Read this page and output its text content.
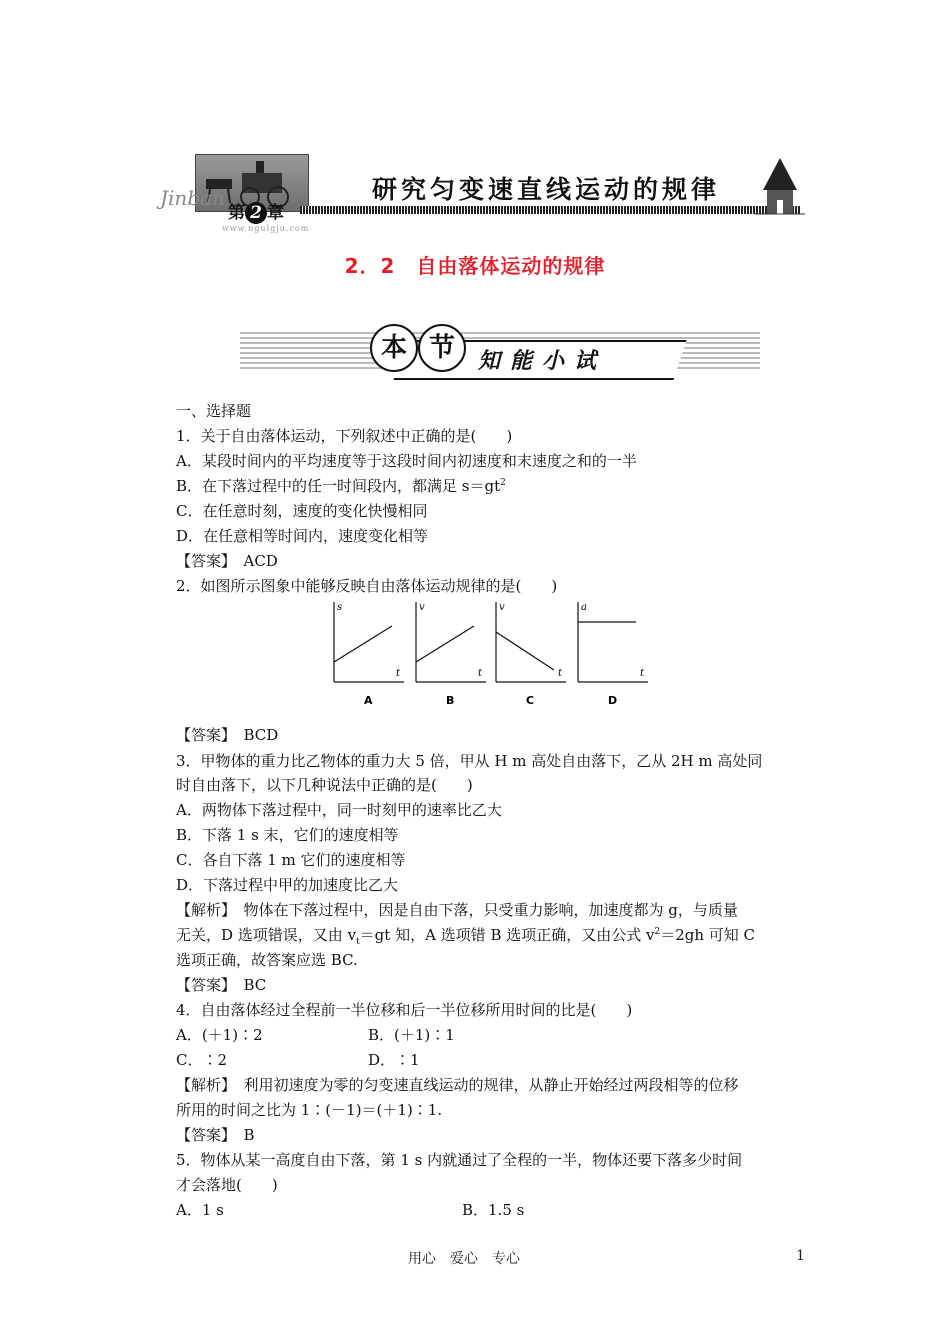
Jinban
第 2 章
www.ngulgju.com
研究匀变速直线运动的规律
2．2　自由落体运动的规律
本 节	知能小试
一、选择题
1．关于自由落体运动，下列叙述中正确的是(　　)
A．某段时间内的平均速度等于这段时间内初速度和末速度之和的一半
B．在下落过程中的任一时间段内，都满足 $s=gt^2$
C．在任意时刻，速度的变化快慢相同
D．在任意相等时间内，速度变化相等
【答案】　ACD
2．如图所示图象中能够反映自由落体运动规律的是(　　)
s
t
A
v
t
B
v
t
C
a
t
D
【答案】　BCD
3．甲物体的重力比乙物体的重力大 5 倍，甲从 H m 高处自由落下，乙从 2H m 高处同
时自由落下，以下几种说法中正确的是(　　)
A．两物体下落过程中，同一时刻甲的速率比乙大
B．下落 1 s 末，它们的速度相等
C．各自下落 1 m 它们的速度相等
D．下落过程中甲的加速度比乙大
【解析】　物体在下落过程中，因是自由下落，只受重力影响，加速度都为 g，与质量
无关，D 选项错误，又由 $v_t=gt$ 知，A 选项错 B 选项正确，又由公式 $v^2=2gh$ 可知 C
选项正确，故答案应选 BC.
【答案】　BC
4．自由落体经过全程前一半位移和后一半位移所用时间的比是(　　)
A．(＋1)∶2	B．(＋1)∶1
C．∶2	D．∶1
【解析】　利用初速度为零的匀变速直线运动的规律，从静止开始经过两段相等的位移
所用的时间之比为 1∶(－1)＝(＋1)∶1.
【答案】　B
5．物体从某一高度自由下落，第 1 s 内就通过了全程的一半，物体还要下落多少时间
才会落地(　　)
A．1 s	B．1.5 s
用心　爱心　专心	1
